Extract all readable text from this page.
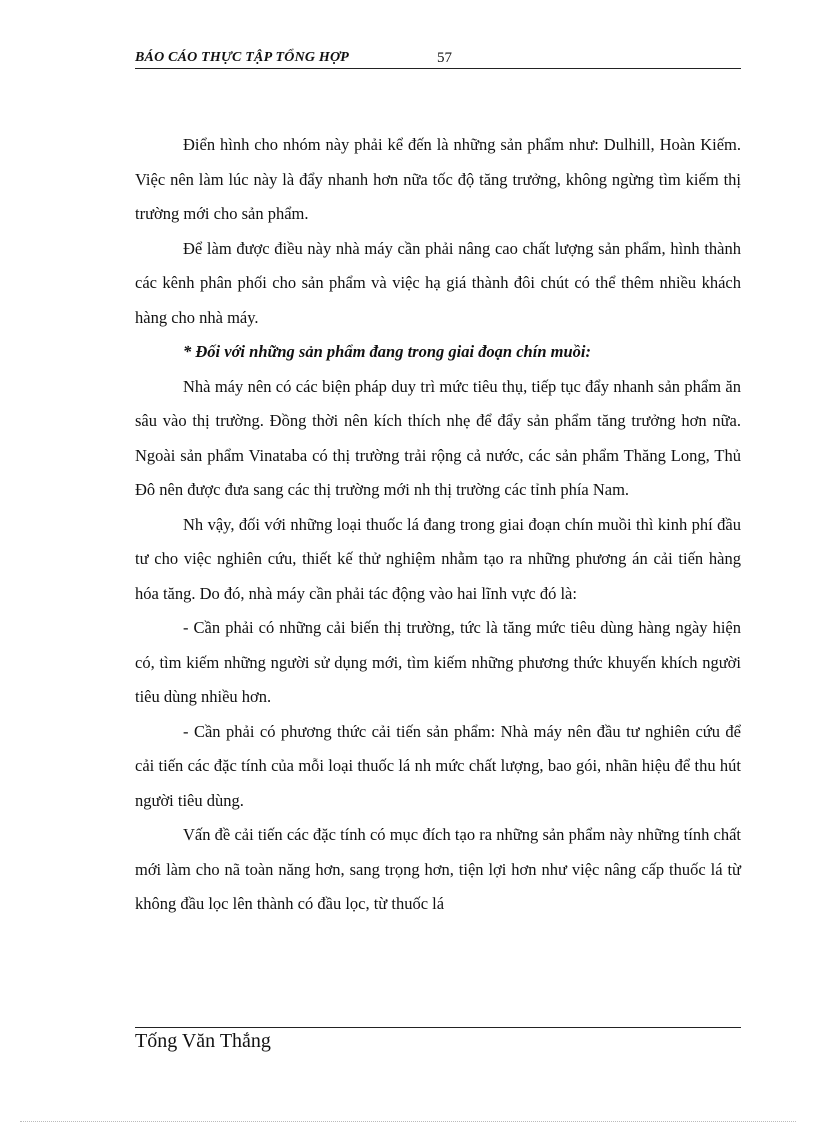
BÁO CÁO THỰC TẬP TỔNG HỢP	57

Điển hình cho nhóm này phải kể đến là những sản phẩm như: Dulhill, Hoàn Kiếm. Việc nên làm lúc này là đẩy nhanh hơn nữa tốc độ tăng trưởng, không ngừng tìm kiếm thị trường mới cho sản phẩm.

Để làm được điều này nhà máy cần phải nâng cao chất lượng sản phẩm, hình thành các kênh phân phối cho sản phẩm và việc hạ giá thành đôi chút có thể thêm nhiều khách hàng cho nhà máy.

* Đối với những sản phẩm đang trong giai đoạn chín muồi:

Nhà máy nên có các biện pháp duy trì mức tiêu thụ, tiếp tục đẩy nhanh sản phẩm ăn sâu vào thị trường. Đồng thời nên kích thích nhẹ để đẩy sản phẩm tăng trưởng hơn nữa. Ngoài sản phẩm Vinataba có thị trường trải rộng cả nước, các sản phẩm Thăng Long, Thủ Đô nên được đưa sang các thị trường mới nh thị trường các tỉnh phía Nam.

Nh vậy, đối với những loại thuốc lá đang trong giai đoạn chín muồi thì kinh phí đầu tư cho việc nghiên cứu, thiết kế thử nghiệm nhằm tạo ra những phương án cải tiến hàng hóa tăng. Do đó, nhà máy cần phải tác động vào hai lĩnh vực đó là:

- Cần phải có những cải biến thị trường, tức là tăng mức tiêu dùng hàng ngày hiện có, tìm kiếm những người sử dụng mới, tìm kiếm những phương thức khuyến khích người tiêu dùng nhiều hơn.

- Cần phải có phương thức cải tiến sản phẩm: Nhà máy nên đầu tư nghiên cứu để cải tiến các đặc tính của mỗi loại thuốc lá nh mức chất lượng, bao gói, nhãn hiệu để thu hút người tiêu dùng.

Vấn đề cải tiến các đặc tính có mục đích tạo ra những sản phẩm này những tính chất mới làm cho nã toàn năng hơn, sang trọng hơn, tiện lợi hơn như việc nâng cấp thuốc lá từ không đầu lọc lên thành có đầu lọc, từ thuốc lá

Tống Văn Thắng
